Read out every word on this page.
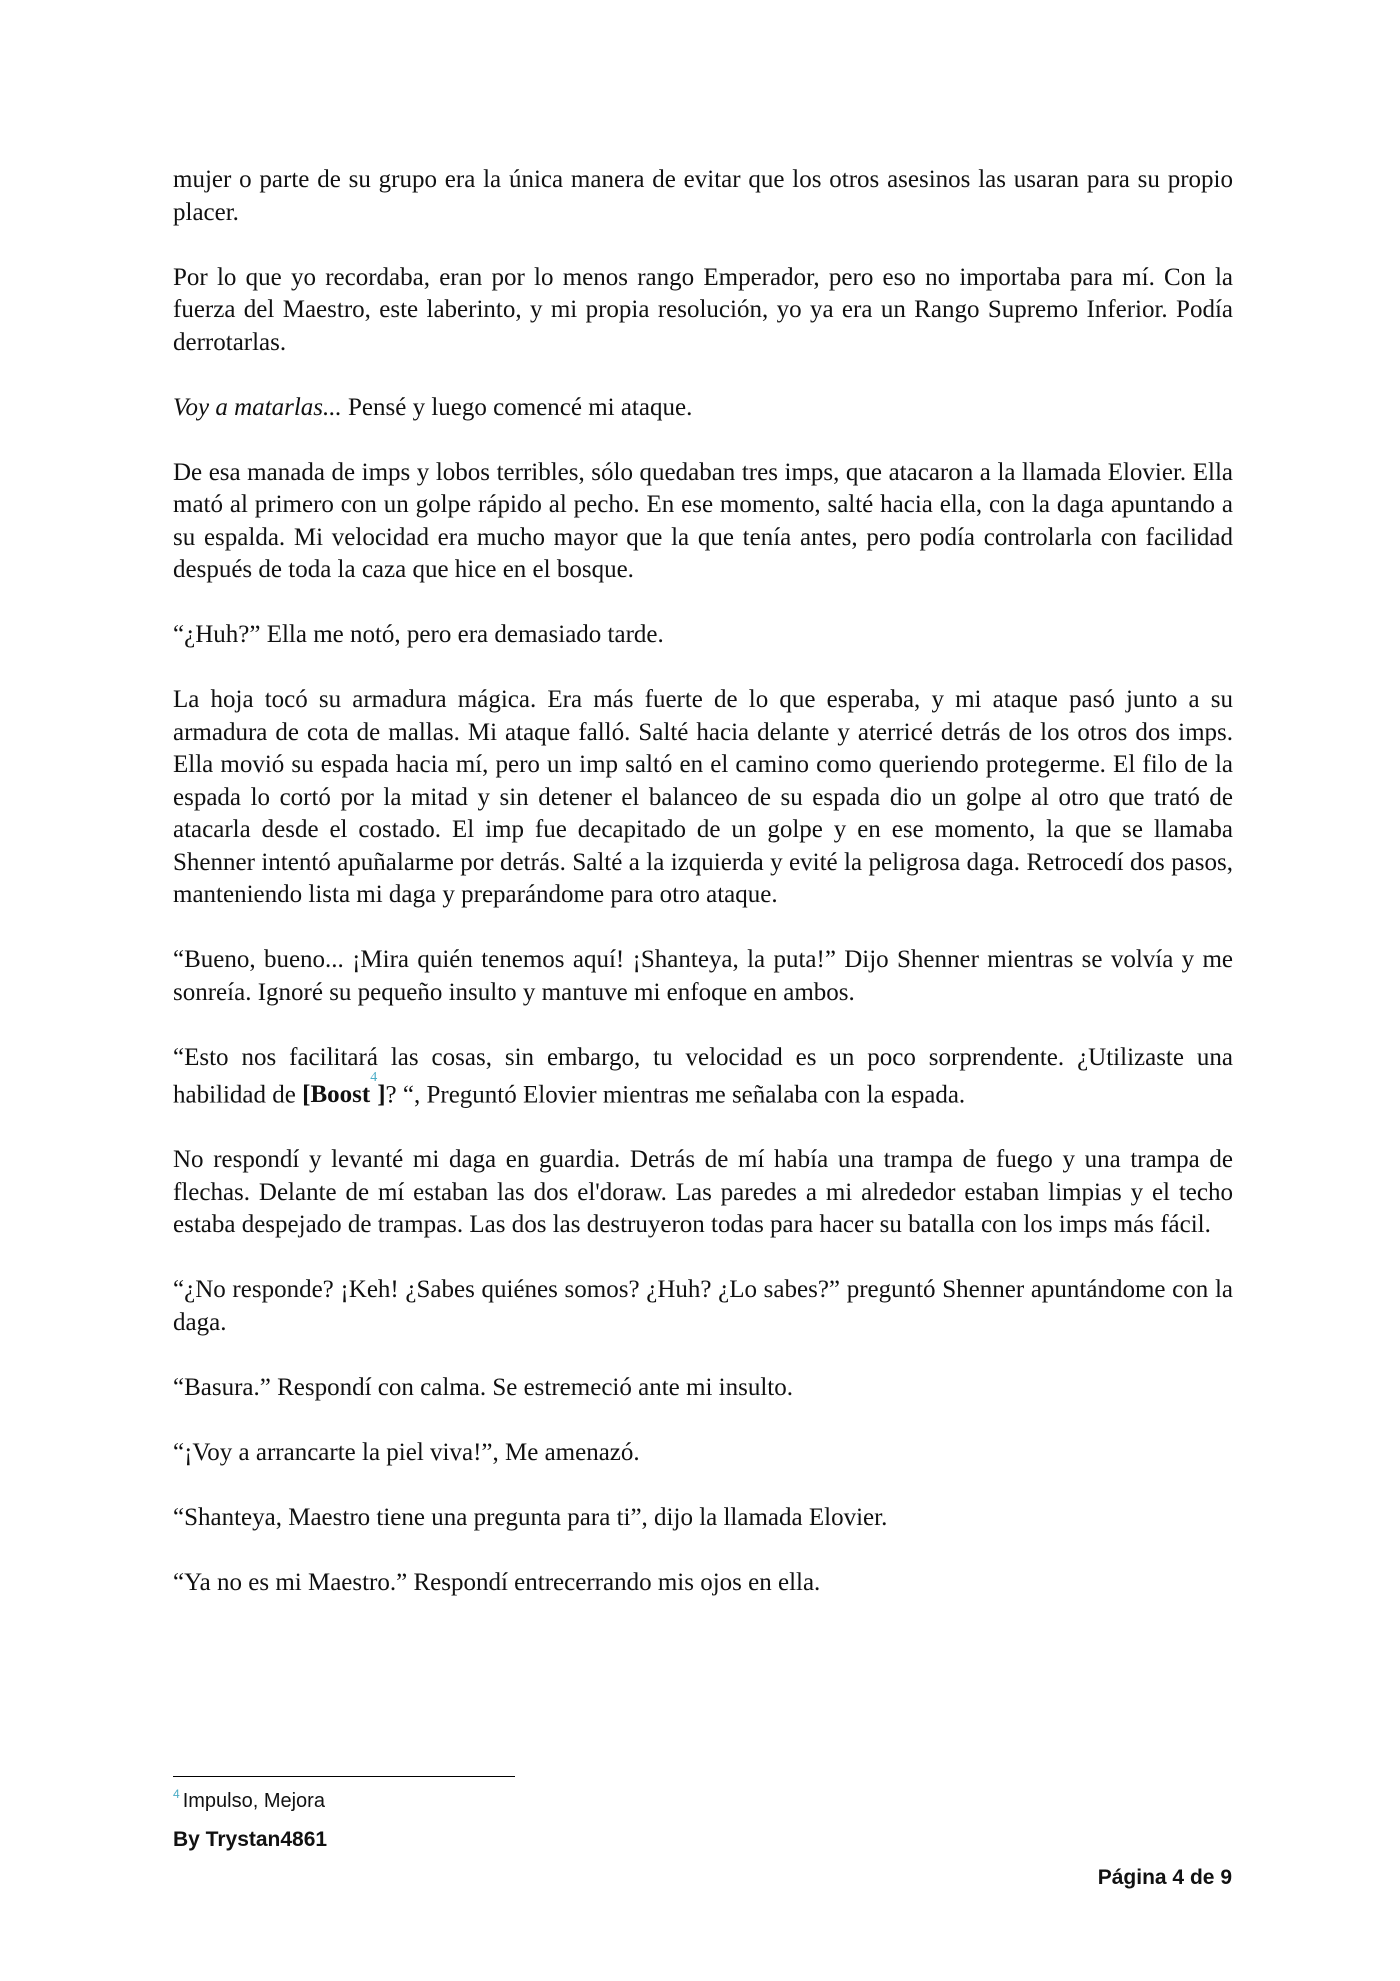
mujer o parte de su grupo era la única manera de evitar que los otros asesinos las usaran para su propio placer.

Por lo que yo recordaba, eran por lo menos rango Emperador, pero eso no importaba para mí. Con la fuerza del Maestro, este laberinto, y mi propia resolución, yo ya era un Rango Supremo Inferior. Podía derrotarlas.

Voy a matarlas... Pensé y luego comencé mi ataque.

De esa manada de imps y lobos terribles, sólo quedaban tres imps, que atacaron a la llamada Elovier. Ella mató al primero con un golpe rápido al pecho. En ese momento, salté hacia ella, con la daga apuntando a su espalda. Mi velocidad era mucho mayor que la que tenía antes, pero podía controlarla con facilidad después de toda la caza que hice en el bosque.

“¿Huh?” Ella me notó, pero era demasiado tarde.

La hoja tocó su armadura mágica. Era más fuerte de lo que esperaba, y mi ataque pasó junto a su armadura de cota de mallas. Mi ataque falló. Salté hacia delante y aterricé detrás de los otros dos imps. Ella movió su espada hacia mí, pero un imp saltó en el camino como queriendo protegerme. El filo de la espada lo cortó por la mitad y sin detener el balanceo de su espada dio un golpe al otro que trató de atacarla desde el costado. El imp fue decapitado de un golpe y en ese momento, la que se llamaba Shenner intentó apuñalarme por detrás. Salté a la izquierda y evité la peligrosa daga. Retrocedí dos pasos, manteniendo lista mi daga y preparándome para otro ataque.

“Bueno, bueno... ¡Mira quién tenemos aquí! ¡Shanteya, la puta!” Dijo Shenner mientras se volvía y me sonreía. Ignoré su pequeño insulto y mantuve mi enfoque en ambos.

“Esto nos facilitará las cosas, sin embargo, tu velocidad es un poco sorprendente. ¿Utilizaste una habilidad de [Boost$^4$]? “, Preguntó Elovier mientras me señalaba con la espada.

No respondí y levanté mi daga en guardia. Detrás de mí había una trampa de fuego y una trampa de flechas. Delante de mí estaban las dos el'doraw. Las paredes a mi alrededor estaban limpias y el techo estaba despejado de trampas. Las dos las destruyeron todas para hacer su batalla con los imps más fácil.

“¿No responde? ¡Keh! ¿Sabes quiénes somos? ¿Huh? ¿Lo sabes?” preguntó Shenner apuntándome con la daga.

“Basura.” Respondí con calma. Se estremeció ante mi insulto.

“¡Voy a arrancarte la piel viva!”, Me amenazó.

“Shanteya, Maestro tiene una pregunta para ti”, dijo la llamada Elovier.

“Ya no es mi Maestro.” Respondí entrecerrando mis ojos en ella.

$^4$ Impulso, Mejora
By Trystan4861
Página 4 de 9
